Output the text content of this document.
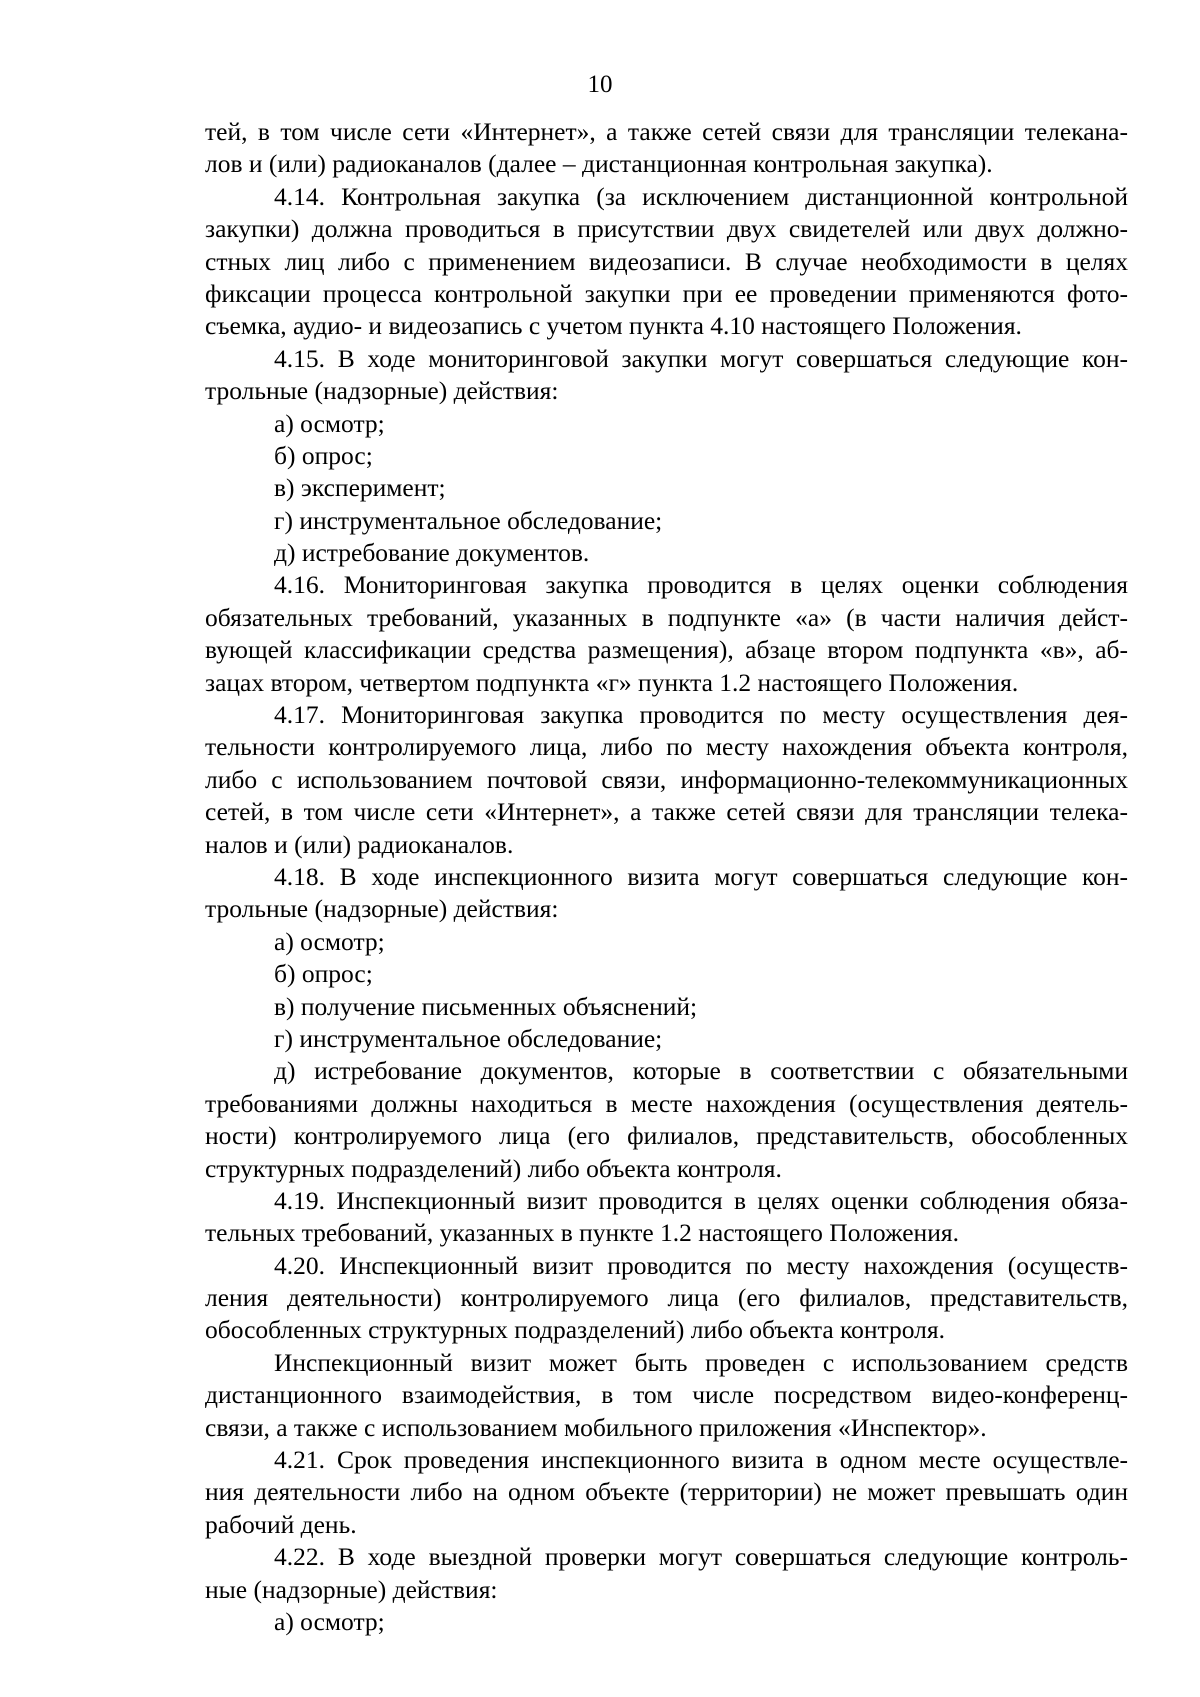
10
тей, в том числе сети «Интернет», а также сетей связи для трансляции телекана-
лов и (или) радиоканалов (далее – дистанционная контрольная закупка).
4.14. Контрольная закупка (за исключением дистанционной контрольной
закупки) должна проводиться в присутствии двух свидетелей или двух должно-
стных лиц либо с применением видеозаписи. В случае необходимости в целях
фиксации процесса контрольной закупки при ее проведении применяются фото-
съемка, аудио- и видеозапись с учетом пункта 4.10 настоящего Положения.
4.15. В ходе мониторинговой закупки могут совершаться следующие кон-
трольные (надзорные) действия:
а) осмотр;
б) опрос;
в) эксперимент;
г) инструментальное обследование;
д) истребование документов.
4.16. Мониторинговая закупка проводится в целях оценки соблюдения
обязательных требований, указанных в подпункте «а» (в части наличия дейст-
вующей классификации средства размещения), абзаце втором подпункта «в», аб-
зацах втором, четвертом подпункта «г» пункта 1.2 настоящего Положения.
4.17. Мониторинговая закупка проводится по месту осуществления дея-
тельности контролируемого лица, либо по месту нахождения объекта контроля,
либо с использованием почтовой связи, информационно-телекоммуникационных
сетей, в том числе сети «Интернет», а также сетей связи для трансляции телека-
налов и (или) радиоканалов.
4.18. В ходе инспекционного визита могут совершаться следующие кон-
трольные (надзорные) действия:
а) осмотр;
б) опрос;
в) получение письменных объяснений;
г) инструментальное обследование;
д) истребование документов, которые в соответствии с обязательными
требованиями должны находиться в месте нахождения (осуществления деятель-
ности) контролируемого лица (его филиалов, представительств, обособленных
структурных подразделений) либо объекта контроля.
4.19. Инспекционный визит проводится в целях оценки соблюдения обяза-
тельных требований, указанных в пункте 1.2 настоящего Положения.
4.20. Инспекционный визит проводится по месту нахождения (осуществ-
ления деятельности) контролируемого лица (его филиалов, представительств,
обособленных структурных подразделений) либо объекта контроля.
Инспекционный визит может быть проведен с использованием средств
дистанционного взаимодействия, в том числе посредством видео-конференц-
связи, а также с использованием мобильного приложения «Инспектор».
4.21. Срок проведения инспекционного визита в одном месте осуществле-
ния деятельности либо на одном объекте (территории) не может превышать один
рабочий день.
4.22. В ходе выездной проверки могут совершаться следующие контроль-
ные (надзорные) действия:
а) осмотр;
